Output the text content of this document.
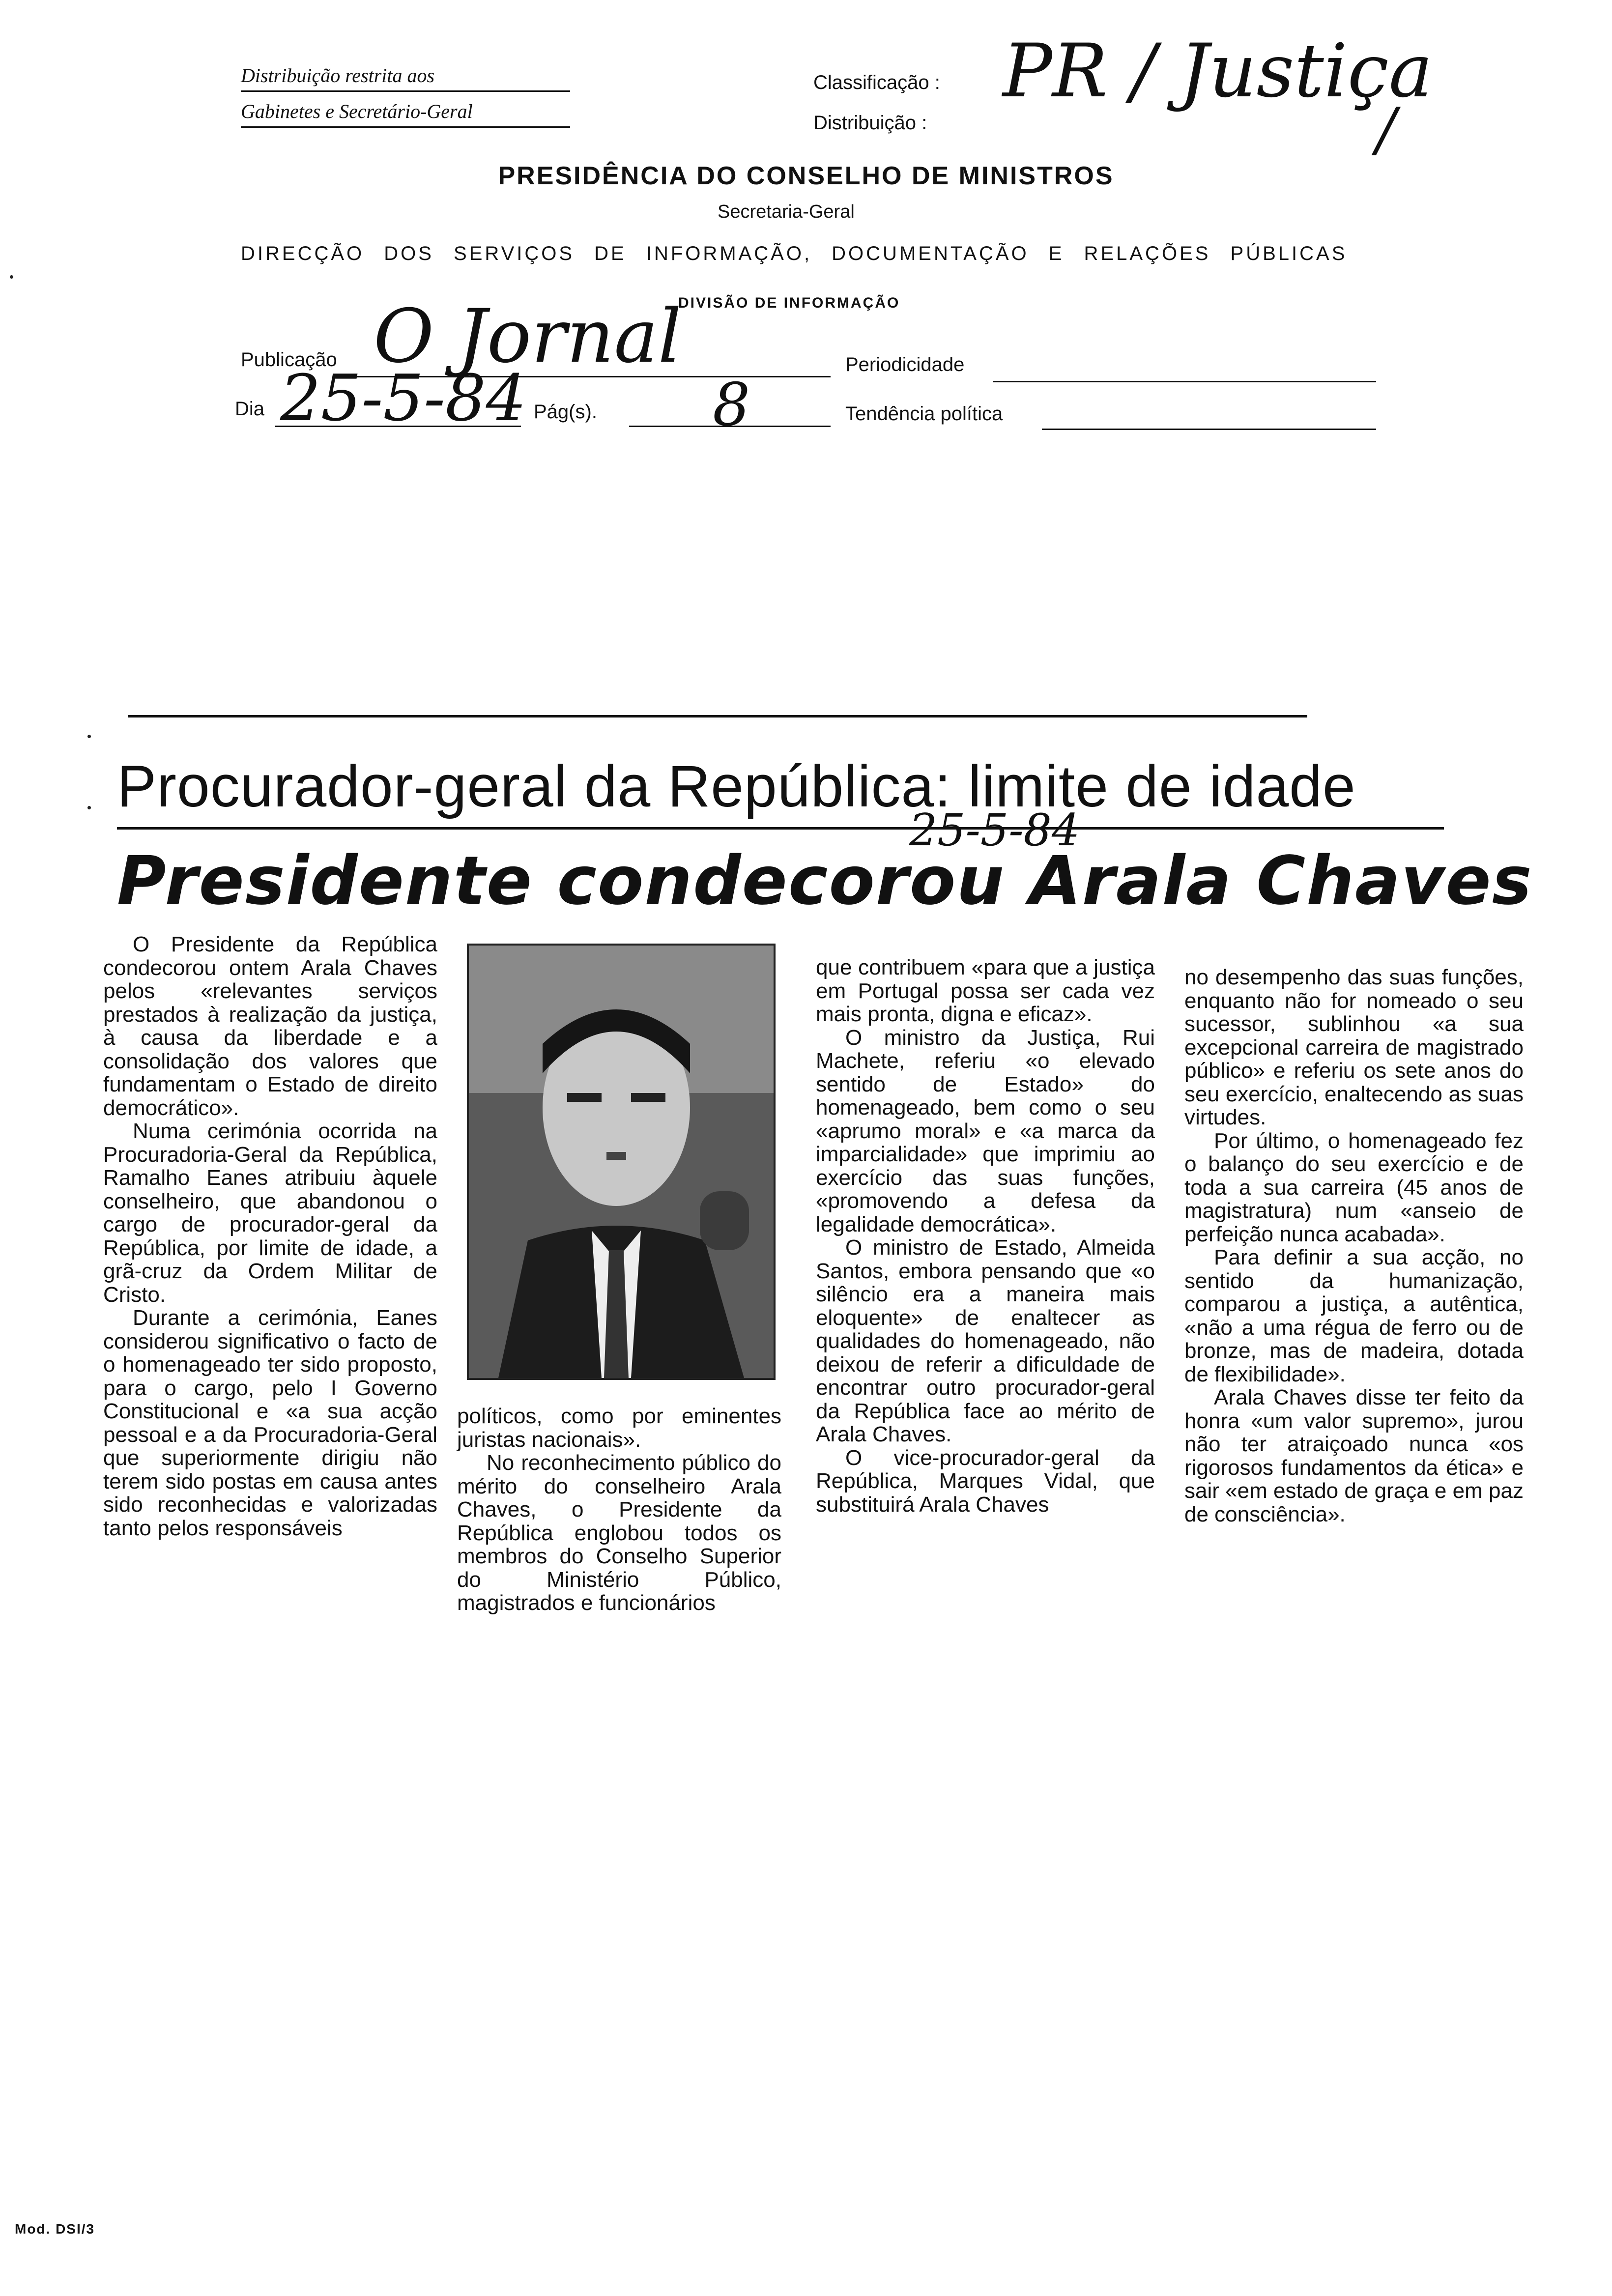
Distribuição restrita aos
Gabinetes e Secretário-Geral
Classificação :
Distribuição :
PR / Justiça
/
PRESIDÊNCIA DO CONSELHO DE MINISTROS
Secretaria-Geral
DIRECÇÃO DOS SERVIÇOS DE INFORMAÇÃO, DOCUMENTAÇÃO E RELAÇÕES PÚBLICAS
DIVISÃO DE INFORMAÇÃO
Publicação O Jornal	Periodicidade
Dia 25-5-84 Pág(s). 8	Tendência política
Procurador-geral da República: limite de idade
25-5-84
Presidente condecorou Arala Chaves

O Presidente da República condecorou ontem Arala Chaves pelos «relevantes serviços prestados à realização da justiça, à causa da liberdade e a consolidação dos valores que fundamentam o Estado de direito democrático».

Numa cerimónia ocorrida na Procuradoria-Geral da República, Ramalho Eanes atribuiu àquele conselheiro, que abandonou o cargo de procurador-geral da República, por limite de idade, a grã-cruz da Ordem Militar de Cristo.

Durante a cerimónia, Eanes considerou significativo o facto de o homenageado ter sido proposto, para o cargo, pelo I Governo Constitucional e «a sua acção pessoal e a da Procuradoria-Geral que superiormente dirigiu não terem sido postas em causa antes sido reconhecidas e valorizadas tanto pelos responsáveis

políticos, como por eminentes juristas nacionais».

No reconhecimento público do mérito do conselheiro Arala Chaves, o Presidente da República englobou todos os membros do Conselho Superior do Ministério Público, magistrados e funcionários

que contribuem «para que a justiça em Portugal possa ser cada vez mais pronta, digna e eficaz».

O ministro da Justiça, Rui Machete, referiu «o elevado sentido de Estado» do homenageado, bem como o seu «aprumo moral» e «a marca da imparcialidade» que imprimiu ao exercício das suas funções, «promovendo a defesa da legalidade democrática».

O ministro de Estado, Almeida Santos, embora pensando que «o silêncio era a maneira mais eloquente» de enaltecer as qualidades do homenageado, não deixou de referir a dificuldade de encontrar outro procurador-geral da República face ao mérito de Arala Chaves.

O vice-procurador-geral da República, Marques Vidal, que substituirá Arala Chaves

no desempenho das suas funções, enquanto não for nomeado o seu sucessor, sublinhou «a sua excepcional carreira de magistrado público» e referiu os sete anos do seu exercício, enaltecendo as suas virtudes.

Por último, o homenageado fez o balanço do seu exercício e de toda a sua carreira (45 anos de magistratura) num «anseio de perfeição nunca acabada».

Para definir a sua acção, no sentido da humanização, comparou a justiça, a autêntica, «não a uma régua de ferro ou de bronze, mas de madeira, dotada de flexibilidade».

Arala Chaves disse ter feito da honra «um valor supremo», jurou não ter atraiçoado nunca «os rigorosos fundamentos da ética» e sair «em estado de graça e em paz de consciência».

Mod. DSI/3
